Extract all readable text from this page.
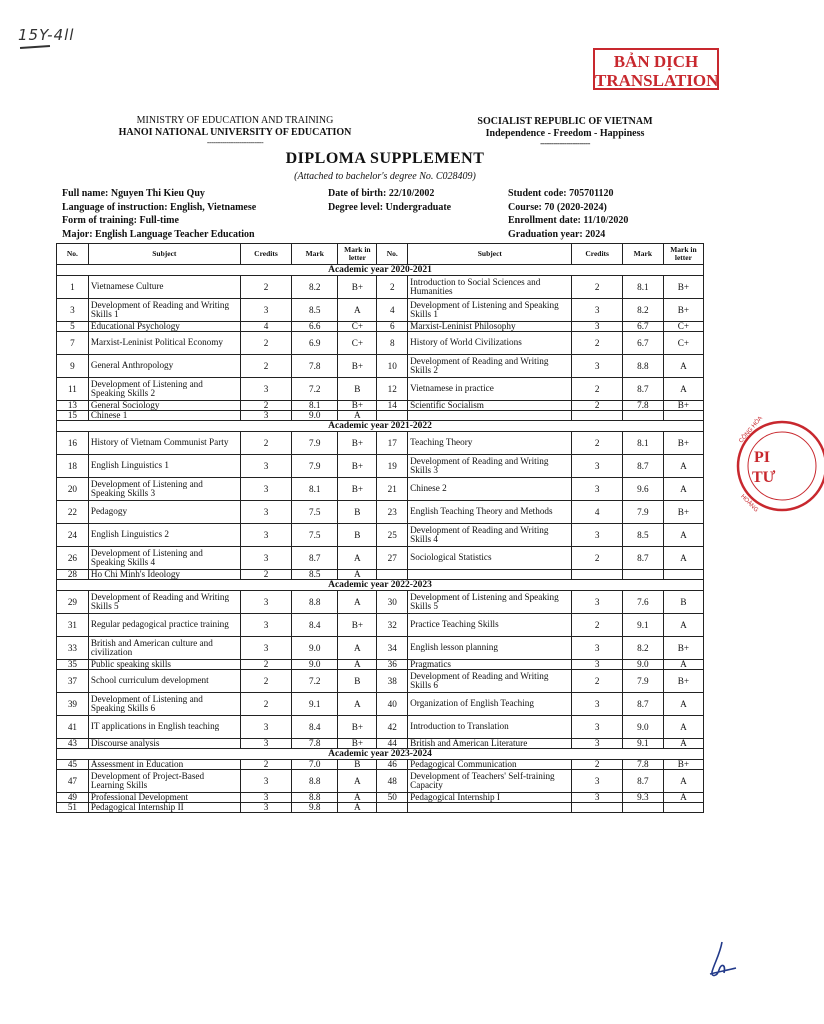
15Y-4ll
BẢN DỊCH
TRANSLATION
PI
TƯ
CÔNG HÒA
HOÀNG
MINISTRY OF EDUCATION AND TRAINING
HANOI NATIONAL UNIVERSITY OF EDUCATION
--------------------------
SOCIALIST REPUBLIC OF VIETNAM
Independence - Freedom - Happiness
-----------------------
DIPLOMA SUPPLEMENT
(Attached to bachelor's degree No. C028409)
Full name: Nguyen Thi Kieu Quy
Language of instruction: English, Vietnamese
Form of training: Full-time
Major: English Language Teacher Education
Date of birth: 22/10/2002
Degree level: Undergraduate
Student code: 705701120
Course: 70 (2020-2024)
Enrollment date: 11/10/2020
Graduation year: 2024
No.	Subject	Credits	Mark	Mark in letter	No.	Subject	Credits	Mark	Mark in letter
Academic year 2020-2021									
1	Vietnamese Culture	2	8.2	B+	2	Introduction to Social Sciences and Humanities	2	8.1	B+
3	Development of Reading and Writing Skills 1	3	8.5	A	4	Development of Listening and Speaking Skills 1	3	8.2	B+
5	Educational Psychology	4	6.6	C+	6	Marxist-Leninist Philosophy	3	6.7	C+
7	Marxist-Leninist Political Economy	2	6.9	C+	8	History of World Civilizations	2	6.7	C+
9	General Anthropology	2	7.8	B+	10	Development of Reading and Writing Skills 2	3	8.8	A
11	Development of Listening and Speaking Skills 2	3	7.2	B	12	Vietnamese in practice	2	8.7	A
13	General Sociology	2	8.1	B+	14	Scientific Socialism	2	7.8	B+
15	Chinese 1	3	9.0	A					
Academic year 2021-2022									
16	History of Vietnam Communist Party	2	7.9	B+	17	Teaching Theory	2	8.1	B+
18	English Linguistics 1	3	7.9	B+	19	Development of Reading and Writing Skills 3	3	8.7	A
20	Development of Listening and Speaking Skills 3	3	8.1	B+	21	Chinese 2	3	9.6	A
22	Pedagogy	3	7.5	B	23	English Teaching Theory and Methods	4	7.9	B+
24	English Linguistics 2	3	7.5	B	25	Development of Reading and Writing Skills 4	3	8.5	A
26	Development of Listening and Speaking Skills 4	3	8.7	A	27	Sociological Statistics	2	8.7	A
28	Ho Chi Minh's Ideology	2	8.5	A					
Academic year 2022-2023									
29	Development of Reading and Writing Skills 5	3	8.8	A	30	Development of Listening and Speaking Skills 5	3	7.6	B
31	Regular pedagogical practice training	3	8.4	B+	32	Practice Teaching Skills	2	9.1	A
33	British and American culture and civilization	3	9.0	A	34	English lesson planning	3	8.2	B+
35	Public speaking skills	2	9.0	A	36	Pragmatics	3	9.0	A
37	School curriculum development	2	7.2	B	38	Development of Reading and Writing Skills 6	2	7.9	B+
39	Development of Listening and Speaking Skills 6	2	9.1	A	40	Organization of English Teaching	3	8.7	A
41	IT applications in English teaching	3	8.4	B+	42	Introduction to Translation	3	9.0	A
43	Discourse analysis	3	7.8	B+	44	British and American Literature	3	9.1	A
Academic year 2023-2024									
45	Assessment in Education	2	7.0	B	46	Pedagogical Communication	2	7.8	B+
47	Development of Project-Based Learning Skills	3	8.8	A	48	Development of Teachers' Self-training Capacity	3	8.7	A
49	Professional Development	3	8.8	A	50	Pedagogical Internship I	3	9.3	A
51	Pedagogical Internship II	3	9.8	A					
